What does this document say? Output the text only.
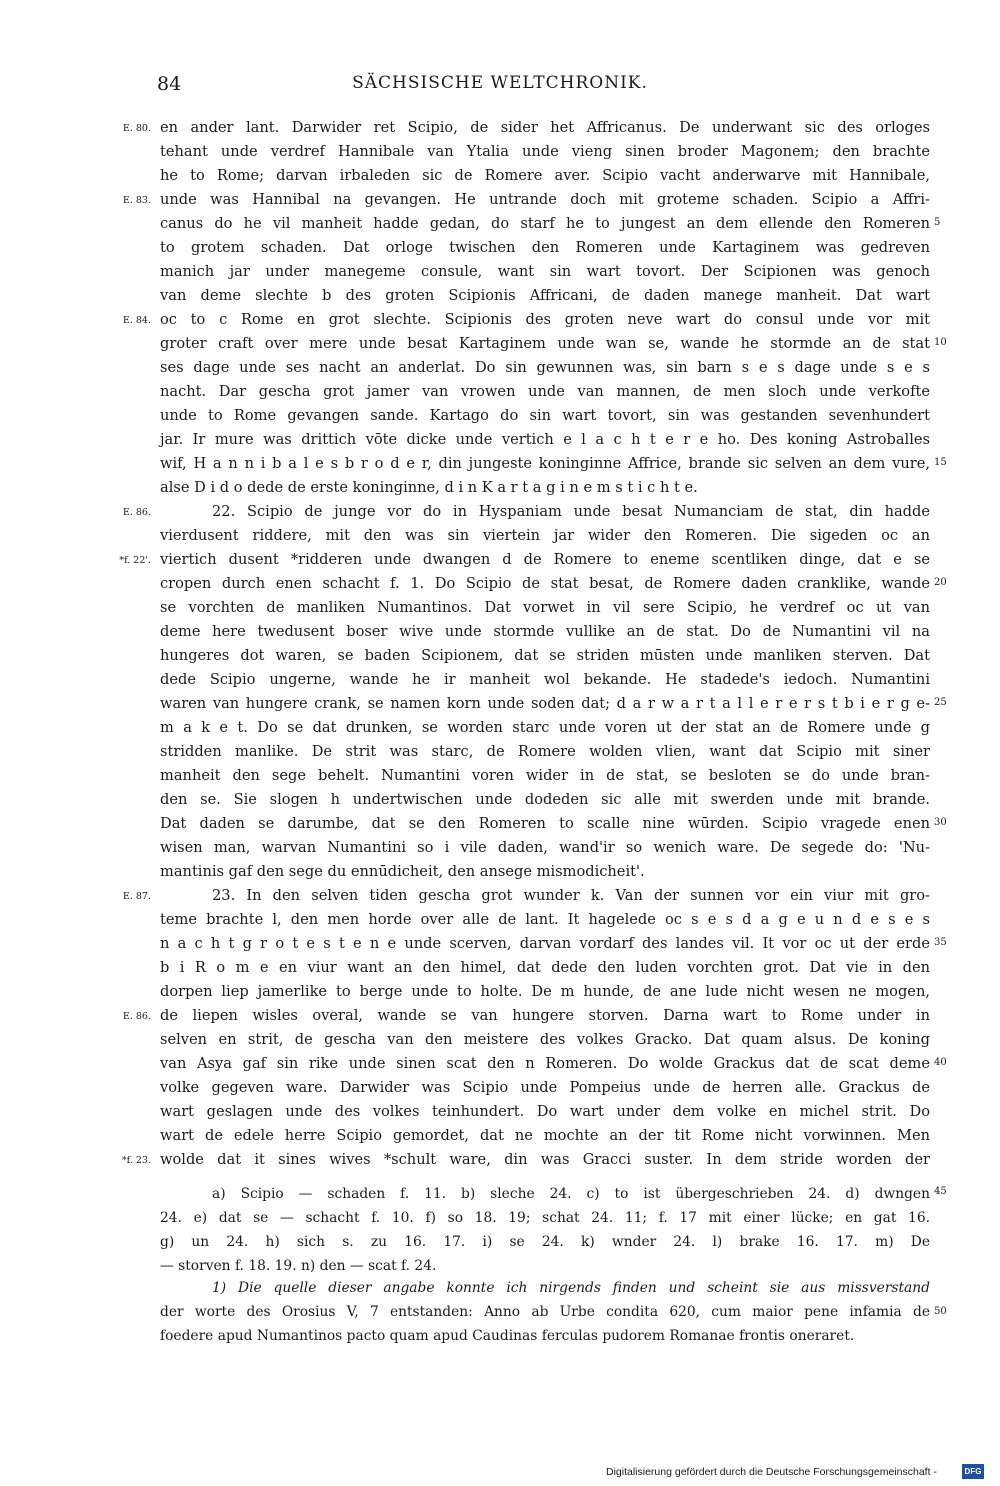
84	SÄCHSISCHE WELTCHRONIK.
en ander lant. Darwider ret Scipio, de sider het Affricanus. De underwant sic des orloges
tehant unde verdref Hannibale van Ytalia unde vieng sinen broder Magonem; den brachte
he to Rome; darvan irbaleden sic de Romere aver. Scipio vacht anderwarve mit Hannibale,
unde was Hannibal na gevangen. He untrande doch mit groteme schaden. Scipio a Affri-
canus do he vil manheit hadde gedan, do starf he to jungest an dem ellende den Romeren
to grotem schaden. Dat orloge twischen den Romeren unde Kartaginem was gedreven
manich jar under manegeme consule, want sin wart tovort. Der Scipionen was genoch
van deme slechte b des groten Scipionis Affricani, de daden manege manheit. Dat wart
oc to c Rome en grot slechte. Scipionis des groten neve wart do consul unde vor mit
groter craft over mere unde besat Kartaginem unde wan se, wande he stormde an de stat
ses dage unde ses nacht an anderlat. Do sin gewunnen was, sin barn s e s dage unde s e s
nacht. Dar gescha grot jamer van vrowen unde van mannen, de men sloch unde verkofte
unde to Rome gevangen sande. Kartago do sin wart tovort, sin was gestanden sevenhundert
jar. Ir mure was drittich vōte dicke unde vertich e l a c h t e r e ho. Des koning Astroballes
wif, H a n n i b a l e s b r o d e r, din jungeste koninginne Affrice, brande sic selven an dem vure,
alse D i d o dede de erste koninginne, d i n K a r t a g i n e m s t i c h t e.
22. Scipio de junge vor do in Hyspaniam unde besat Numanciam de stat, din hadde
vierdusent riddere, mit den was sin viertein jar wider den Romeren. Die sigeden oc an
viertich dusent *ridderen unde dwangen d de Romere to eneme scentliken dinge, dat e se
cropen durch enen schacht f. 1. Do Scipio de stat besat, de Romere daden cranklike, wande
se vorchten de manliken Numantinos. Dat vorwet in vil sere Scipio, he verdref oc ut van
deme here twedusent boser wive unde stormde vullike an de stat. Do de Numantini vil na
hungeres dot waren, se baden Scipionem, dat se striden mūsten unde manliken sterven. Dat
dede Scipio ungerne, wande he ir manheit wol bekande. He stadede's iedoch. Numantini
waren van hungere crank, se namen korn unde soden dat; d a r w a r t a l l e r e r s t b i e r g e-
m a k e t. Do se dat drunken, se worden starc unde voren ut der stat an de Romere unde g
stridden manlike. De strit was starc, de Romere wolden vlien, want dat Scipio mit siner
manheit den sege behelt. Numantini voren wider in de stat, se besloten se do unde bran-
den se. Sie slogen h undertwischen unde dodeden sic alle mit swerden unde mit brande.
Dat daden se darumbe, dat se den Romeren to scalle nine wūrden. Scipio vragede enen
wisen man, warvan Numantini so i vile daden, wand'ir so wenich ware. De segede do: 'Nu-
mantinis gaf den sege du ennūdicheit, den ansege mismodicheit'.
23. In den selven tiden gescha grot wunder k. Van der sunnen vor ein viur mit gro-
teme brachte l, den men horde over alle de lant. It hagelede oc s e s d a g e u n d e s e s
n a c h t g r o t e s t e n e unde scerven, darvan vordarf des landes vil. It vor oc ut der erde
b i R o m e en viur want an den himel, dat dede den luden vorchten grot. Dat vie in den
dorpen liep jamerlike to berge unde to holte. De m hunde, de ane lude nicht wesen ne mogen,
de liepen wisles overal, wande se van hungere storven. Darna wart to Rome under in
selven en strit, de gescha van den meistere des volkes Gracko. Dat quam alsus. De koning
van Asya gaf sin rike unde sinen scat den n Romeren. Do wolde Grackus dat de scat deme
volke gegeven ware. Darwider was Scipio unde Pompeius unde de herren alle. Grackus de
wart geslagen unde des volkes teinhundert. Do wart under dem volke en michel strit. Do
wart de edele herre Scipio gemordet, dat ne mochte an der tit Rome nicht vorwinnen. Men
wolde dat it sines wives *schult ware, din was Gracci suster. In dem stride worden der
E. 80.
E. 83.
E. 84.
E. 86.
*f. 22'.
E. 87.
E. 86.
*f. 23.
5
10
15
20
25
30
35
40
45
50
a) Scipio — schaden f. 11. b) sleche 24. c) to ist übergeschrieben 24. d) dwngen
24. e) dat se — schacht f. 10. f) so 18. 19; schat 24. 11; f. 17 mit einer lücke; en gat 16.
g) un 24. h) sich s. zu 16. 17. i) se 24. k) wnder 24. l) brake 16. 17. m) De
— storven f. 18. 19. n) den — scat f. 24.
1) Die quelle dieser angabe konnte ich nirgends finden und scheint sie aus missverstand
der worte des Orosius V, 7 entstanden: Anno ab Urbe condita 620, cum maior pene infamia de
foedere apud Numantinos pacto quam apud Caudinas ferculas pudorem Romanae frontis oneraret.
Digitalisierung gefördert durch die Deutsche Forschungsgemeinschaft -	DFG
